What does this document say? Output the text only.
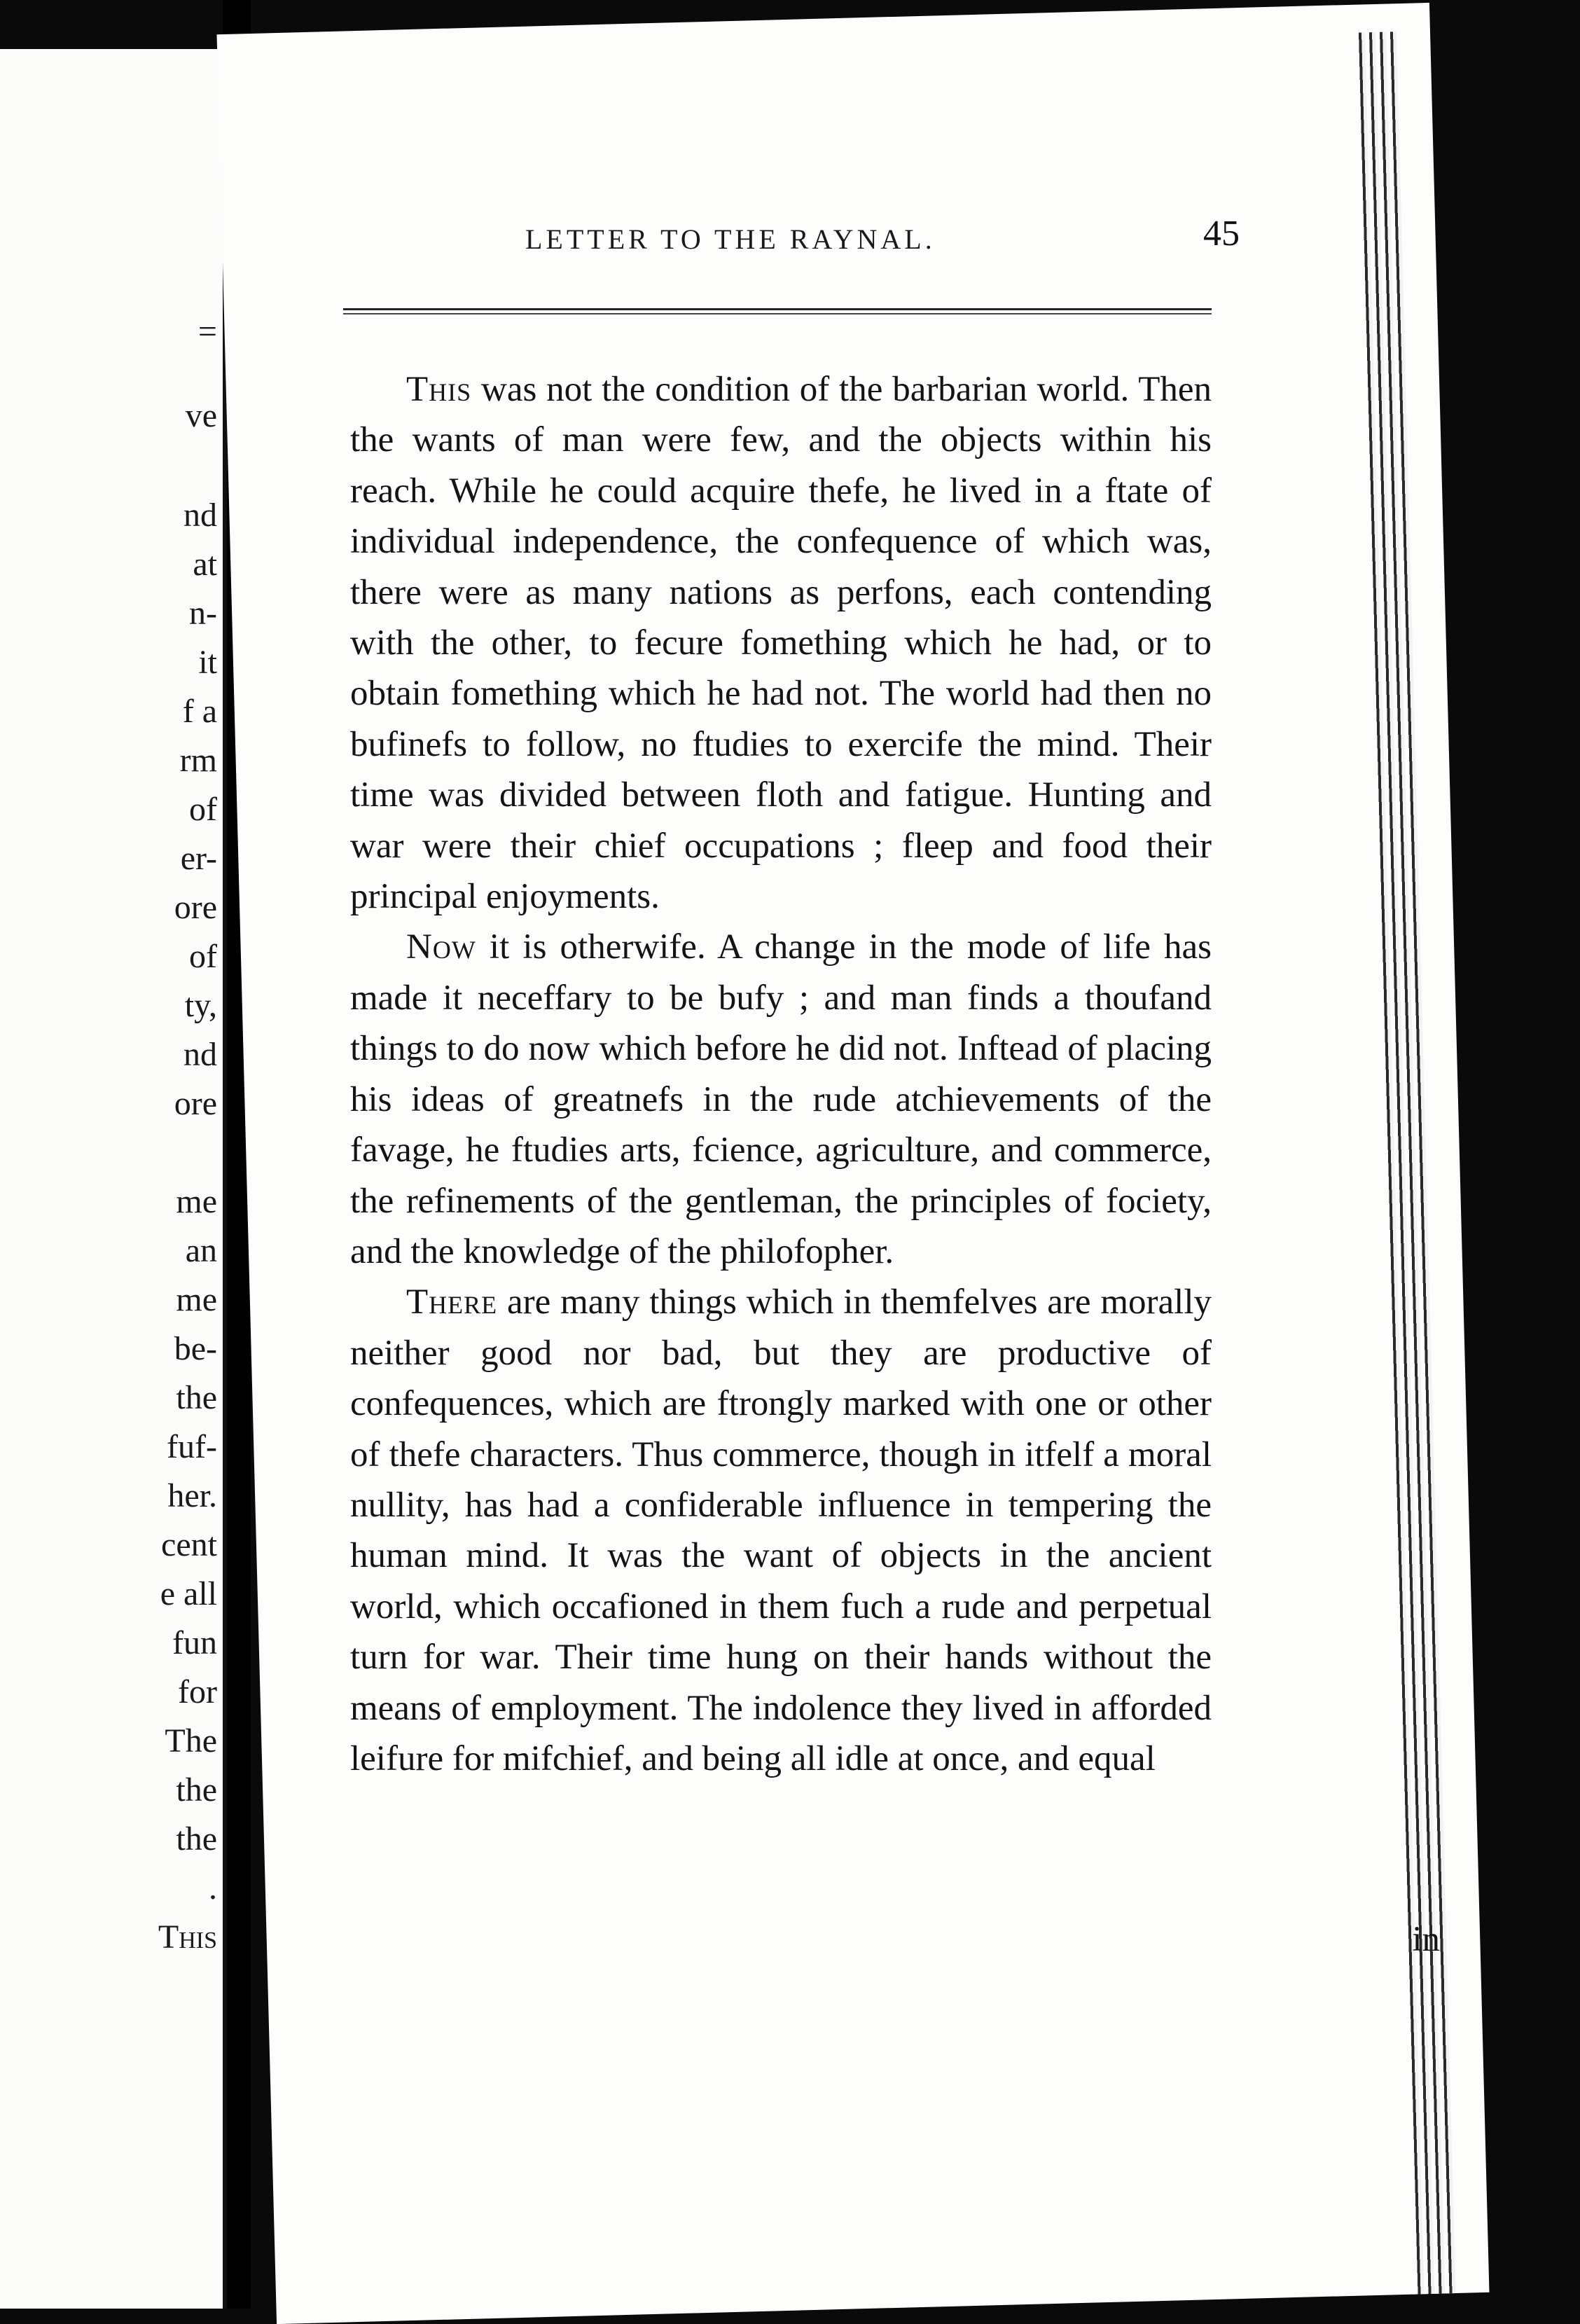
=
ve
nd
at
n-
it
f a
rm
of
er-
ore
of
ty,
nd
ore
me
an
me
be-
the
fuf-
her.
cent
e all
fun
for
The
the
the
.
This
LETTER TO THE RAYNAL.	45

This was not the condition of the barbarian world. Then the wants of man were few, and the objects within his reach. While he could acquire thefe, he lived in a ftate of individual independence, the confequence of which was, there were as many nations as perfons, each contending with the other, to fecure fomething which he had, or to obtain fomething which he had not. The world had then no bufinefs to follow, no ftudies to exercife the mind. Their time was divided between floth and fatigue. Hunting and war were their chief occupations ; fleep and food their principal enjoyments.

Now it is otherwife. A change in the mode of life has made it neceffary to be bufy ; and man finds a thoufand things to do now which before he did not. Inftead of placing his ideas of greatnefs in the rude atchievements of the favage, he ftudies arts, fcience, agriculture, and commerce, the refinements of the gentleman, the principles of fociety, and the knowledge of the philofopher.

There are many things which in themfelves are morally neither good nor bad, but they are productive of confequences, which are ftrongly marked with one or other of thefe characters. Thus commerce, though in itfelf a moral nullity, has had a confiderable influence in tempering the human mind. It was the want of objects in the ancient world, which occafioned in them fuch a rude and perpetual turn for war. Their time hung on their hands without the means of employment. The indolence they lived in afforded leifure for mifchief, and being all idle at once, and equal

in
